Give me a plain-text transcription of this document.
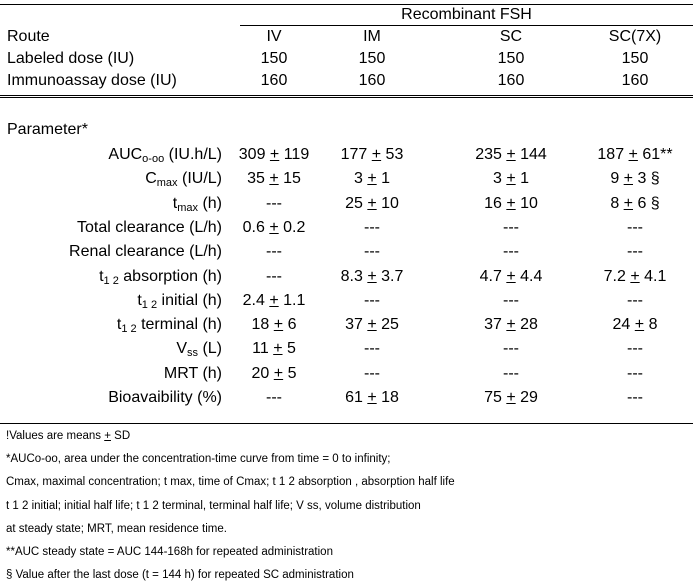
Recombinant FSH
Route	IV	IM	SC	SC(7X)
Labeled dose (IU)	150	150	150	150
Immunoassay dose (IU)	160	160	160	160
Parameter*
$AUC_{o-oo}$ (IU.h/L)	309 + 119	177 + 53	235 + 144	187 + 61**
$C_{max}$ (IU/L)	35 + 15	3 + 1	3 + 1	9 + 3 §
$t_{max}$ (h)	---	25 + 10	16 + 10	8 + 6 §
Total clearance (L/h)	0.6 + 0.2	---	---	---
Renal clearance (L/h)	---	---	---	---
$t_{1 2}$ absorption (h)	---	8.3 + 3.7	4.7 + 4.4	7.2 + 4.1
$t_{1 2}$ initial (h)	2.4 + 1.1	---	---	---
$t_{1 2}$ terminal (h)	18 + 6	37 + 25	37 + 28	24 + 8
$V_{ss}$ (L)	11 + 5	---	---	---
MRT (h)	20 + 5	---	---	---
Bioavaibility (%)	---	61 + 18	75 + 29	---
!Values are means + SD
*AUCo-oo, area under the concentration-time curve from time = 0 to infinity;
Cmax, maximal concentration; t max, time of Cmax; t 1 2 absorption , absorption half life
t 1 2 initial; initial half life; t 1 2 terminal, terminal half life; V ss, volume distribution
at steady state; MRT, mean residence time.
**AUC steady state = AUC 144-168h for repeated administration
§ Value after the last dose (t = 144 h) for repeated SC administration
